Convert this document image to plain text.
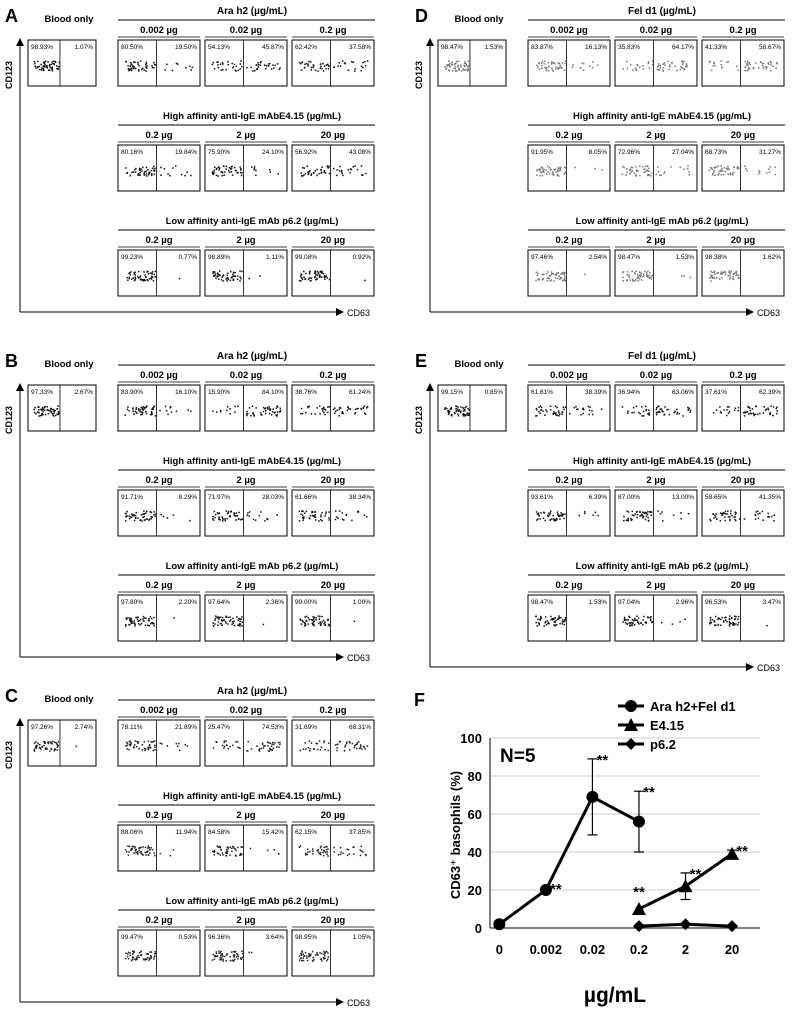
A
CD123
CD63
Blood only
98.93%	1.07%
Ara h2 (µg/mL)
0.002 µg
80.50%	19.50%
0.02 µg
54.13%	45.87%
0.2 µg
62.42%	37.58%
High affinity anti-IgE mAbE4.15 (µg/mL)
0.2 µg
80.16%	19.84%
2 µg
75.90%	24.10%
20 µg
56.92%	43.08%
Low affinity anti-IgE mAb p6.2 (µg/mL)
0.2 µg
99.23%	0.77%
2 µg
98.89%	1.11%
20 µg
99.08%	0.92%
B
CD123
CD63
Blood only
97.33%	2.67%
Ara h2 (µg/mL)
0.002 µg
83.90%	16.10%
0.02 µg
15.90%	84.10%
0.2 µg
38.76%	61.24%
High affinity anti-IgE mAbE4.15 (µg/mL)
0.2 µg
91.71%	8.29%
2 µg
71.97%	28.03%
20 µg
61.66%	38.34%
Low affinity anti-IgE mAb p6.2 (µg/mL)
0.2 µg
97.80%	2.20%
2 µg
97.64%	2.36%
20 µg
99.00%	1.00%
C
CD123
CD63
Blood only
97.26%	2.74%
Ara h2 (µg/mL)
0.002 µg
78.11%	21.89%
0.02 µg
25.47%	74.53%
0.2 µg
31.69%	68.31%
High affinity anti-IgE mAbE4.15 (µg/mL)
0.2 µg
88.06%	11.94%
2 µg
84.58%	15.42%
20 µg
62.15%	37.85%
Low affinity anti-IgE mAb p6.2 (µg/mL)
0.2 µg
99.47%	0.53%
2 µg
96.36%	3.64%
20 µg
98.95%	1.05%
D
CD123
CD63
Blood only
98.47%	1.53%
Fel d1 (µg/mL)
0.002 µg
83.87%	16.13%
0.02 µg
35.83%	64.17%
0.2 µg
41.33%	58.67%
High affinity anti-IgE mAbE4.15 (µg/mL)
0.2 µg
91.95%	8.05%
2 µg
72.96%	27.04%
20 µg
68.73%	31.27%
Low affinity anti-IgE mAb p6.2 (µg/mL)
0.2 µg
97.46%	2.54%
2 µg
98.47%	1.53%
20 µg
98.38%	1.62%
E
CD123
CD63
Blood only
99.15%	0.85%
Fel d1 (µg/mL)
0.002 µg
61.61%	38.39%
0.02 µg
36.94%	63.06%
0.2 µg
37.61%	62.39%
High affinity anti-IgE mAbE4.15 (µg/mL)
0.2 µg
93.61%	6.39%
2 µg
87.00%	13.00%
20 µg
58.65%	41.35%
Low affinity anti-IgE mAb p6.2 (µg/mL)
0.2 µg
98.47%	1.53%
2 µg
97.04%	2.96%
20 µg
96.53%	3.47%
F
0
20
40
60
80
100
0 0.002 0.02 0.2	2	20
CD63⁺ basophils (%)
µg/mL
N=5
**
**
**
**
**
**
Ara h2+Fel d1
E4.15
p6.2
